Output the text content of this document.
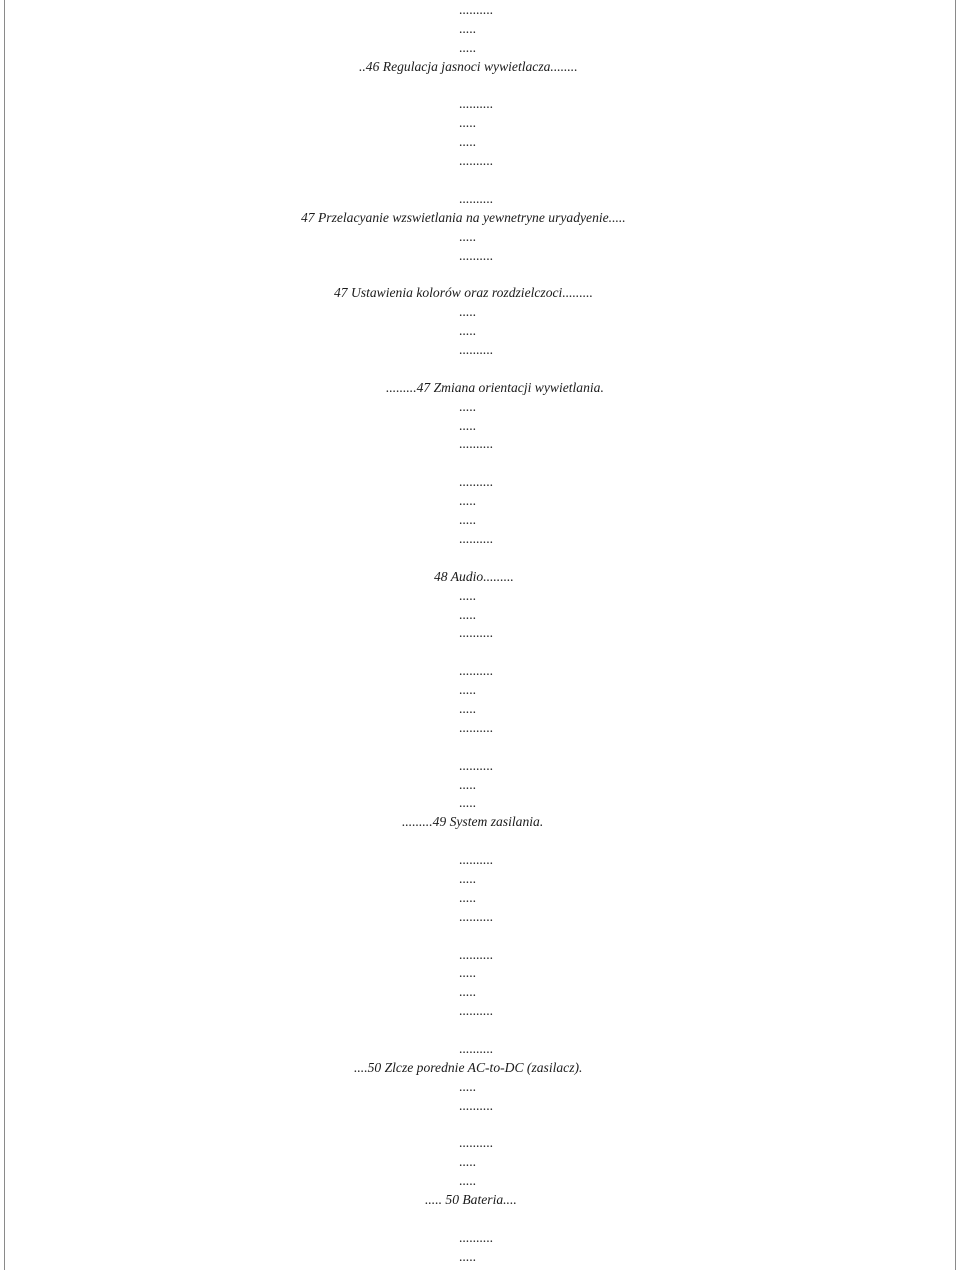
..........
.....
.....
..46 Regulacja jasnoci wywietlacza........
..........
.....
.....
..........
..........
47 Przelacyanie wzswietlania na yewnetryne uryadyenie.....
.....
..........
47 Ustawienia kolorów oraz rozdzielczoci.........
.....
.....
..........
.........47 Zmiana orientacji wywietlania.
.....
.....
..........
..........
.....
.....
..........
48 Audio.........
.....
.....
..........
..........
.....
.....
..........
..........
.....
.....
.........49 System zasilania.
..........
.....
.....
..........
..........
.....
.....
..........
..........
....50 Zlcze porednie AC-to-DC (zasilacz).
.....
..........
..........
.....
.....
..... 50 Bateria....
..........
.....
